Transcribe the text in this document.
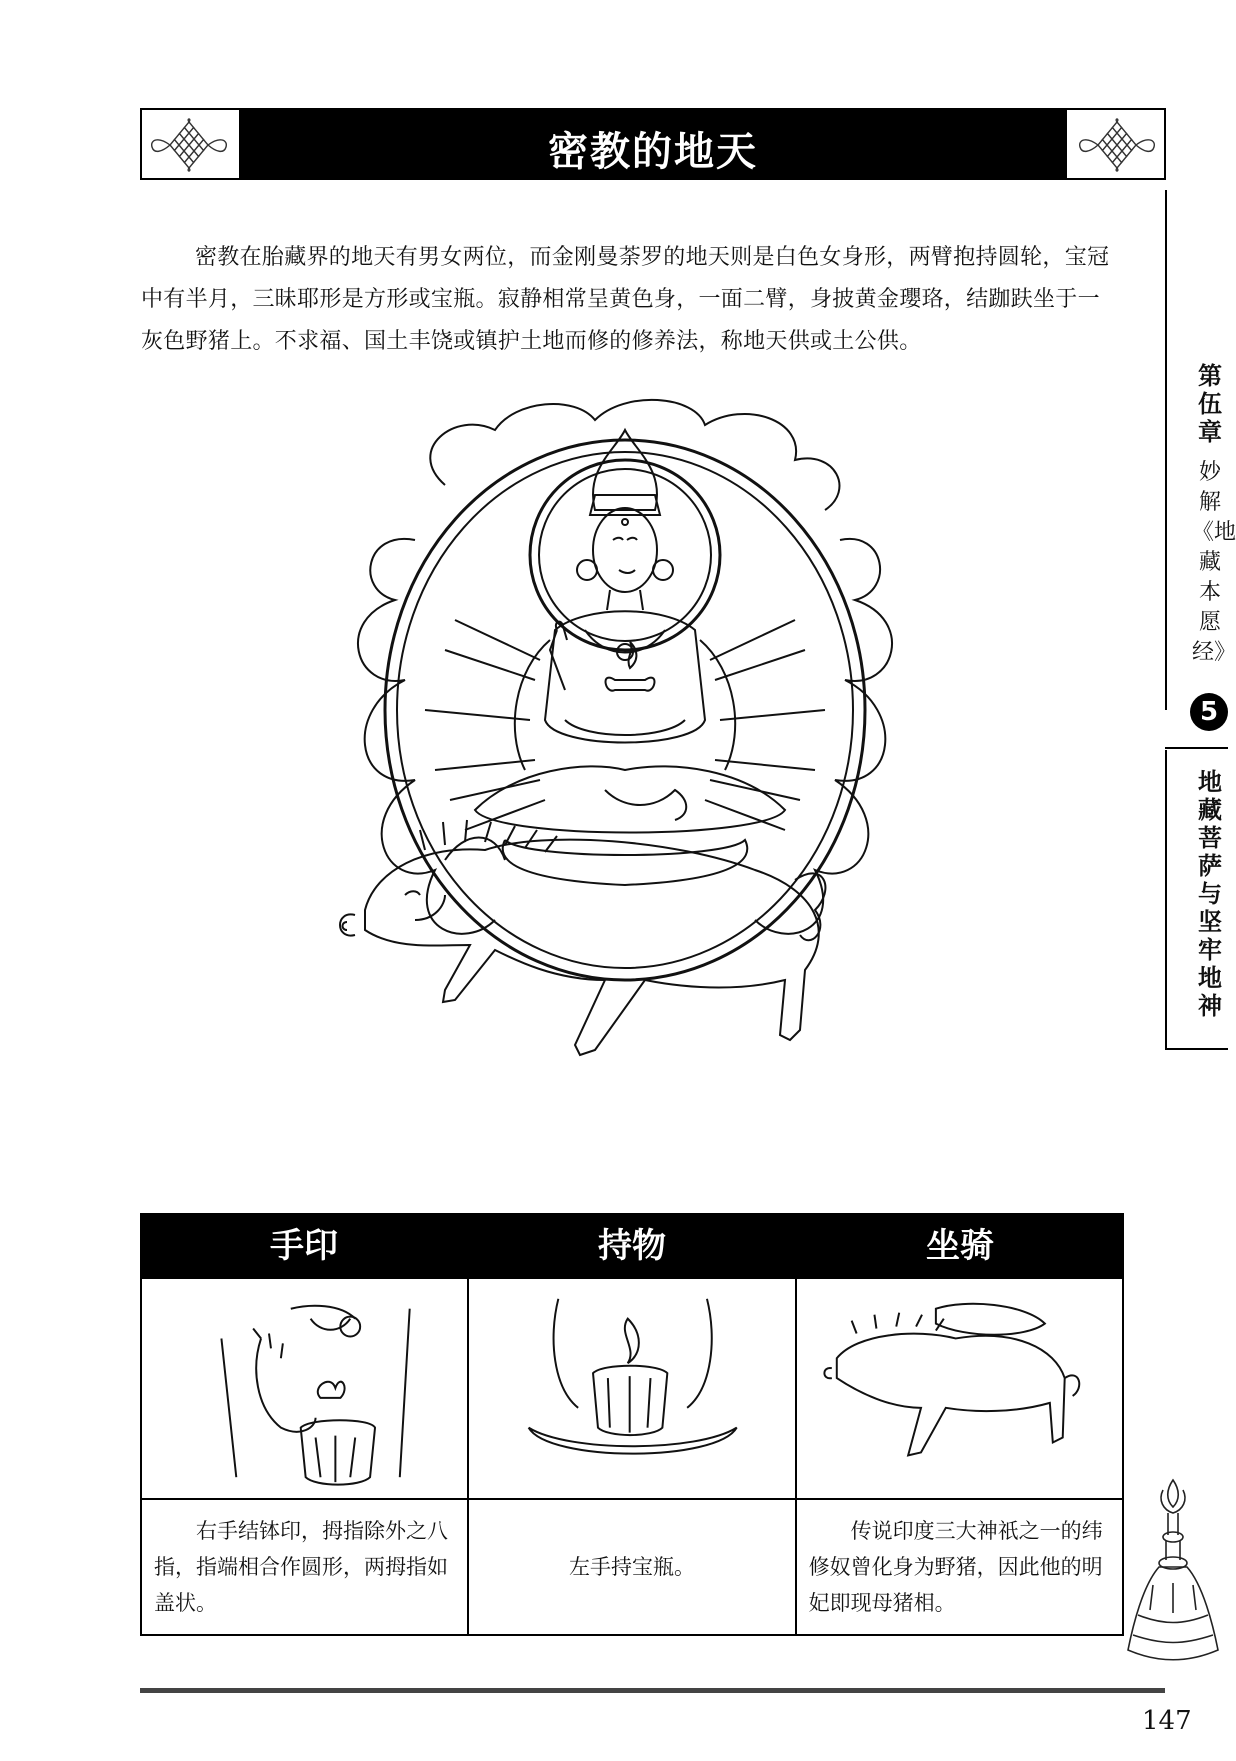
密教的地天

密教在胎藏界的地天有男女两位，而金刚曼荼罗的地天则是白色女身形，两臂抱持圆轮，宝冠中有半月，三昧耶形是方形或宝瓶。寂静相常呈黄色身，一面二臂，身披黄金瓔珞，结跏趺坐于一灰色野猪上。不求福、国土丰饶或镇护土地而修的修养法，称地天供或土公供。

第伍章
妙解《地藏本愿经》
5
地藏菩萨与坚牢地神
手印	持物	坐骑
右手结钵印，拇指除外之八指，指端相合作圆形，两拇指如盖状。
左手持宝瓶。
传说印度三大神祇之一的纬修奴曾化身为野猪，因此他的明妃即现母猪相。
147
